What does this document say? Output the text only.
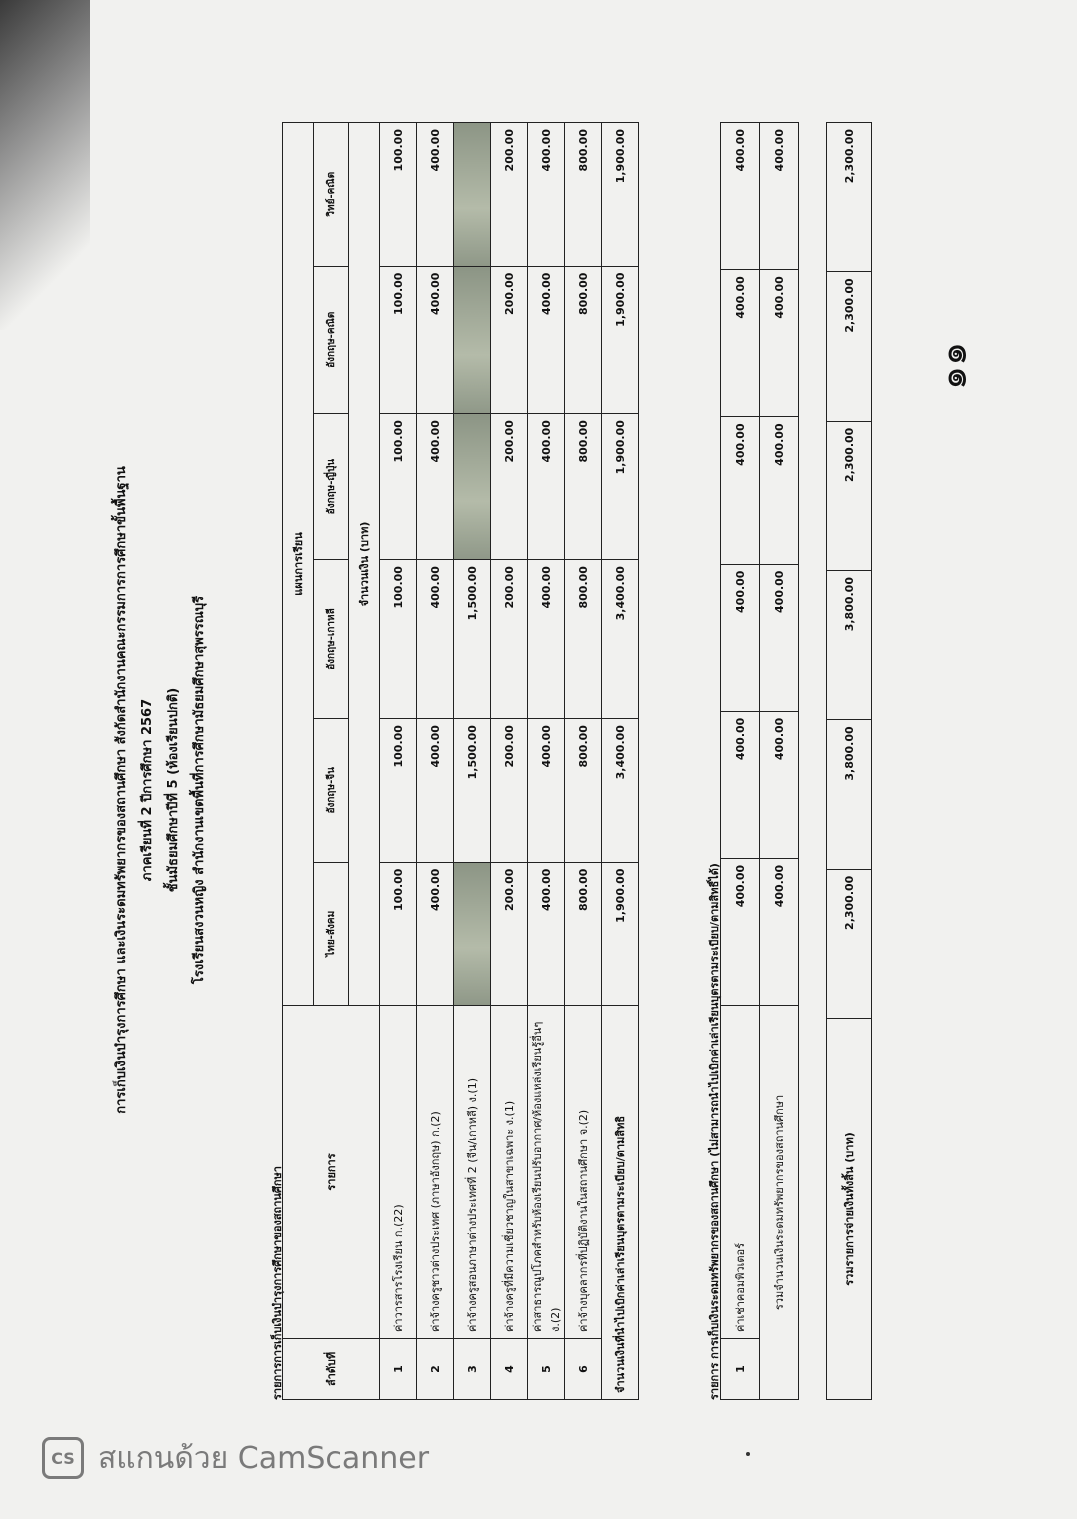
การเก็บเงินบำรุงการศึกษา และเงินระดมทรัพยากรของสถานศึกษา สังกัดสำนักงานคณะกรรมการการศึกษาขั้นพื้นฐาน ภาคเรียนที่ 2 ปีการศึกษา 2567 ชั้นมัธยมศึกษาปีที่ 5 (ห้องเรียนปกติ) โรงเรียนสงวนหญิง สำนักงานเขตพื้นที่การศึกษามัธยมศึกษาสุพรรณบุรี
รายการการเก็บเงินบำรุงการศึกษาของสถานศึกษา	ลำดับที่	รายการ	แผนการเรียน					
		ไทย-สังคม	อังกฤษ-จีน	อังกฤษ-เกาหลี	อังกฤษ-ญี่ปุ่น	อังกฤษ-คณิต	วิทย์-คณิต
		จำนวนเงิน (บาท)					
1	ค่าวารสารโรงเรียน ก.(22)	100.00	100.00	100.00	100.00	100.00	100.00
2	ค่าจ้างครูชาวต่างประเทศ (ภาษาอังกฤษ) ก.(2)	400.00	400.00	400.00	400.00	400.00	400.00
3	ค่าจ้างครูสอนภาษาต่างประเทศที่ 2 (จีน/เกาหลี) ง.(1)		1,500.00	1,500.00			
4	ค่าจ้างครูที่มีความเชี่ยวชาญในสาขาเฉพาะ ง.(1)	200.00	200.00	200.00	200.00	200.00	200.00
5	ค่าสาธารณูปโภคสำหรับห้องเรียนปรับอากาศ/ห้องแหล่งเรียนรู้อื่นๆ ง.(2)	400.00	400.00	400.00	400.00	400.00	400.00
6	ค่าจ้างบุคลากรที่ปฏิบัติงานในสถานศึกษา จ.(2)	800.00	800.00	800.00	800.00	800.00	800.00
จำนวนเงินที่นำไปเบิกค่าเล่าเรียนบุตรตามระเบียบ/ตามสิทธิ		1,900.00	3,400.00	3,400.00	1,900.00	1,900.00	1,900.00
รายการ การเก็บเงินระดมทรัพยากรของสถานศึกษา (ไม่สามารถนำไปเบิกค่าเล่าเรียนบุตรตามระเบียบ/ตามสิทธิ์ได้) 1	ค่าเช่าคอมพิวเตอร์	400.00	400.00	400.00	400.00	400.00	400.00
รวมจำนวนเงินระดมทรัพยากรของสถานศึกษา		400.00	400.00	400.00	400.00	400.00	400.00
รวมรายการจ่ายเงินทั้งสิ้น (บาท)	2,300.00	3,800.00	3,800.00	2,300.00	2,300.00	2,300.00
๑๑
CS สแกนด้วย CamScanner
